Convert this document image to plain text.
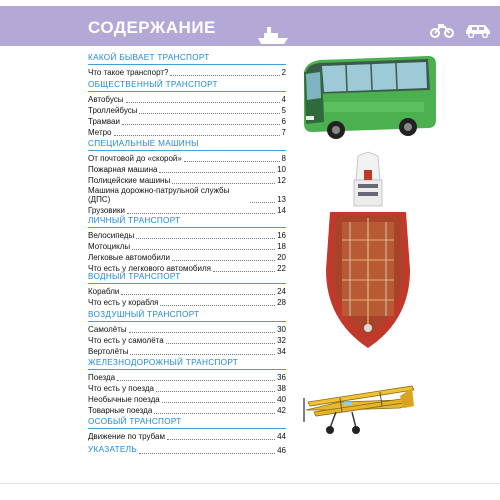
СОДЕРЖАНИЕ
КАКОЙ БЫВАЕТ ТРАНСПОРТ
Что такое транспорт?	2
ОБЩЕСТВЕННЫЙ ТРАНСПОРТ
Автобусы	4
Троллейбусы	5
Трамваи	6
Метро	7
СПЕЦИАЛЬНЫЕ МАШИНЫ
От почтовой до «скорой»	8
Пожарная машина	10
Полицейские машины	12
Машина дорожно-патрульной службы (ДПС)	13
Грузовики	14
ЛИЧНЫЙ ТРАНСПОРТ
Велосипеды	16
Мотоциклы	18
Легковые автомобили	20
Что есть у легкового автомобиля	22
ВОДНЫЙ ТРАНСПОРТ
Корабли	24
Что есть у корабля	28
ВОЗДУШНЫЙ ТРАНСПОРТ
Самолёты	30
Что есть у самолёта	32
Вертолёты	34
ЖЕЛЕЗНОДОРОЖНЫЙ ТРАНСПОРТ
Поезда	36
Что есть у поезда	38
Необычные поезда	40
Товарные поезда	42
ОСОБЫЙ ТРАНСПОРТ
Движение по трубам	44
УКАЗАТЕЛЬ	46
